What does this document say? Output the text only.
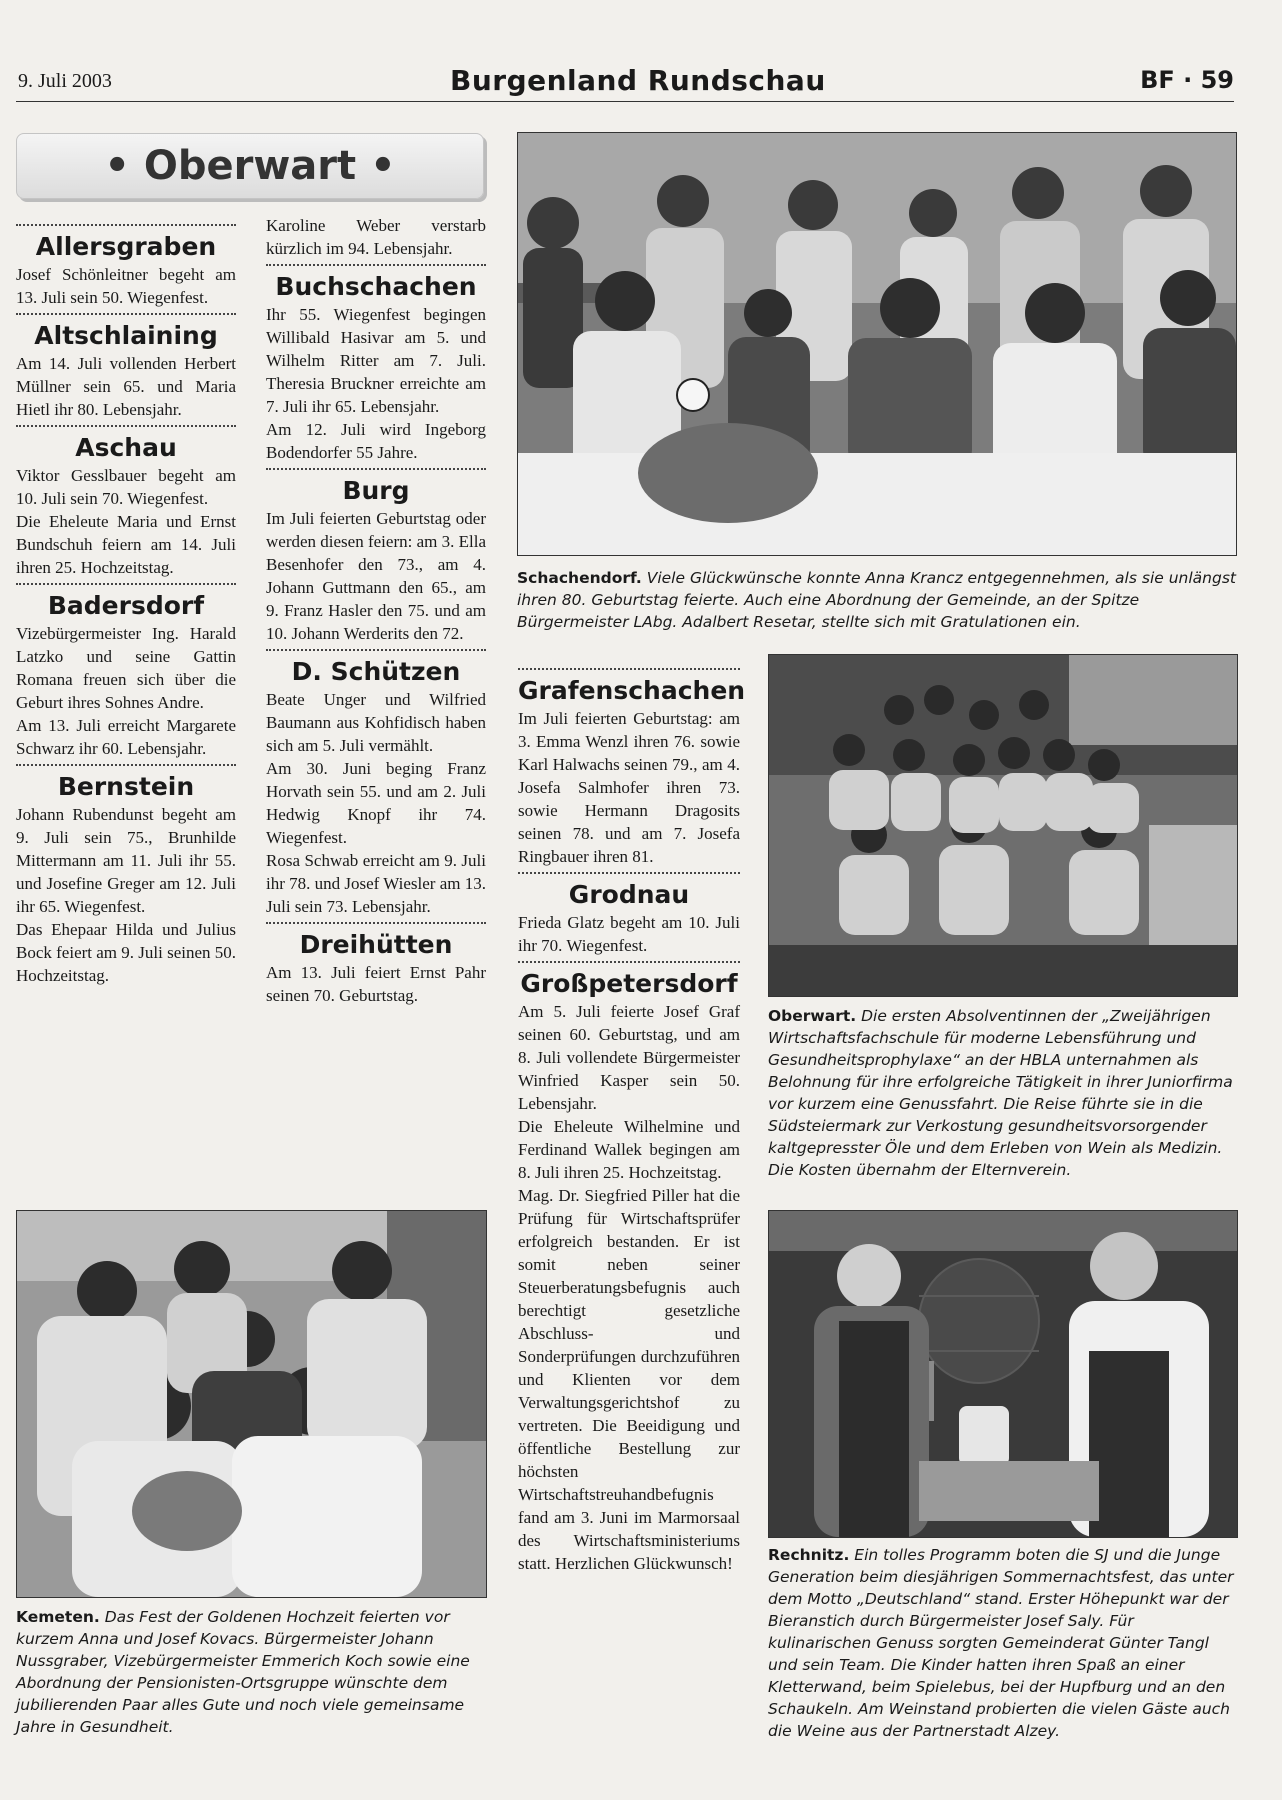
9. Juli 2003	Burgenland Rundschau	BF · 59
• Oberwart •
Allersgraben

Josef Schönleitner begeht am 13. Juli sein 50. Wiegenfest.

Altschlaining

Am 14. Juli vollenden Herbert Müllner sein 65. und Maria Hietl ihr 80. Lebensjahr.

Aschau

Viktor Gesslbauer begeht am 10. Juli sein 70. Wiegenfest.

Die Eheleute Maria und Ernst Bundschuh feiern am 14. Juli ihren 25. Hochzeitstag.

Badersdorf

Vizebürgermeister Ing. Harald Latzko und seine Gattin Romana freuen sich über die Geburt ihres Sohnes Andre.

Am 13. Juli erreicht Margarete Schwarz ihr 60. Lebensjahr.

Bernstein

Johann Rubendunst begeht am 9. Juli sein 75., Brunhilde Mittermann am 11. Juli ihr 55. und Josefine Greger am 12. Juli ihr 65. Wiegenfest.

Das Ehepaar Hilda und Julius Bock feiert am 9. Juli seinen 50. Hochzeitstag.

Karoline Weber verstarb kürzlich im 94. Lebensjahr.

Buchschachen

Ihr 55. Wiegenfest begingen Willibald Hasivar am 5. und Wilhelm Ritter am 7. Juli. Theresia Bruckner erreichte am 7. Juli ihr 65. Lebensjahr.

Am 12. Juli wird Ingeborg Bodendorfer 55 Jahre.

Burg

Im Juli feierten Geburtstag oder werden diesen feiern: am 3. Ella Besenhofer den 73., am 4. Johann Guttmann den 65., am 9. Franz Hasler den 75. und am 10. Johann Werderits den 72.

D. Schützen

Beate Unger und Wilfried Baumann aus Kohfidisch haben sich am 5. Juli vermählt.

Am 30. Juni beging Franz Horvath sein 55. und am 2. Juli Hedwig Knopf ihr 74. Wiegenfest.

Rosa Schwab erreicht am 9. Juli ihr 78. und Josef Wiesler am 13. Juli sein 73. Lebensjahr.

Dreihütten

Am 13. Juli feiert Ernst Pahr seinen 70. Geburtstag.

Grafenschachen

Im Juli feierten Geburtstag: am 3. Emma Wenzl ihren 76. sowie Karl Halwachs seinen 79., am 4. Josefa Salmhofer ihren 73. sowie Hermann Dragosits seinen 78. und am 7. Josefa Ringbauer ihren 81.

Grodnau

Frieda Glatz begeht am 10. Juli ihr 70. Wiegenfest.

Großpetersdorf

Am 5. Juli feierte Josef Graf seinen 60. Geburtstag, und am 8. Juli vollendete Bürgermeister Winfried Kasper sein 50. Lebensjahr.

Die Eheleute Wilhelmine und Ferdinand Wallek begingen am 8. Juli ihren 25. Hochzeitstag.

Mag. Dr. Siegfried Piller hat die Prüfung für Wirtschaftsprüfer erfolgreich bestanden. Er ist somit neben seiner Steuerberatungsbefugnis auch berechtigt gesetzliche Abschluss- und Sonderprüfungen durchzuführen und Klienten vor dem Verwaltungsgerichtshof zu vertreten. Die Beeidigung und öffentliche Bestellung zur höchsten Wirtschaftstreuhandbefugnis fand am 3. Juni im Marmorsaal des Wirtschaftsministeriums statt. Herzlichen Glückwunsch!

Schachendorf. Viele Glückwünsche konnte Anna Krancz entgegennehmen, als sie unlängst ihren 80. Geburtstag feierte. Auch eine Abordnung der Gemeinde, an der Spitze Bürgermeister LAbg. Adalbert Resetar, stellte sich mit Gratulationen ein.
Oberwart. Die ersten Absolventinnen der „Zweijährigen Wirtschaftsfachschule für moderne Lebensführung und Gesundheitsprophylaxe“ an der HBLA unternahmen als Belohnung für ihre erfolgreiche Tätigkeit in ihrer Juniorfirma vor kurzem eine Genussfahrt. Die Reise führte sie in die Südsteiermark zur Verkostung gesundheitsvorsorgender kaltgepresster Öle und dem Erleben von Wein als Medizin. Die Kosten übernahm der Elternverein.
Kemeten. Das Fest der Goldenen Hochzeit feierten vor kurzem Anna und Josef Kovacs. Bürgermeister Johann Nussgraber, Vizebürgermeister Emmerich Koch sowie eine Abordnung der Pensionisten-Ortsgruppe wünschte dem jubilierenden Paar alles Gute und noch viele gemeinsame Jahre in Gesundheit.
Rechnitz. Ein tolles Programm boten die SJ und die Junge Generation beim diesjährigen Sommernachtsfest, das unter dem Motto „Deutschland“ stand. Erster Höhepunkt war der Bieranstich durch Bürgermeister Josef Saly. Für kulinarischen Genuss sorgten Gemeinderat Günter Tangl und sein Team. Die Kinder hatten ihren Spaß an einer Kletterwand, beim Spielebus, bei der Hupfburg und an den Schaukeln. Am Weinstand probierten die vielen Gäste auch die Weine aus der Partnerstadt Alzey.
